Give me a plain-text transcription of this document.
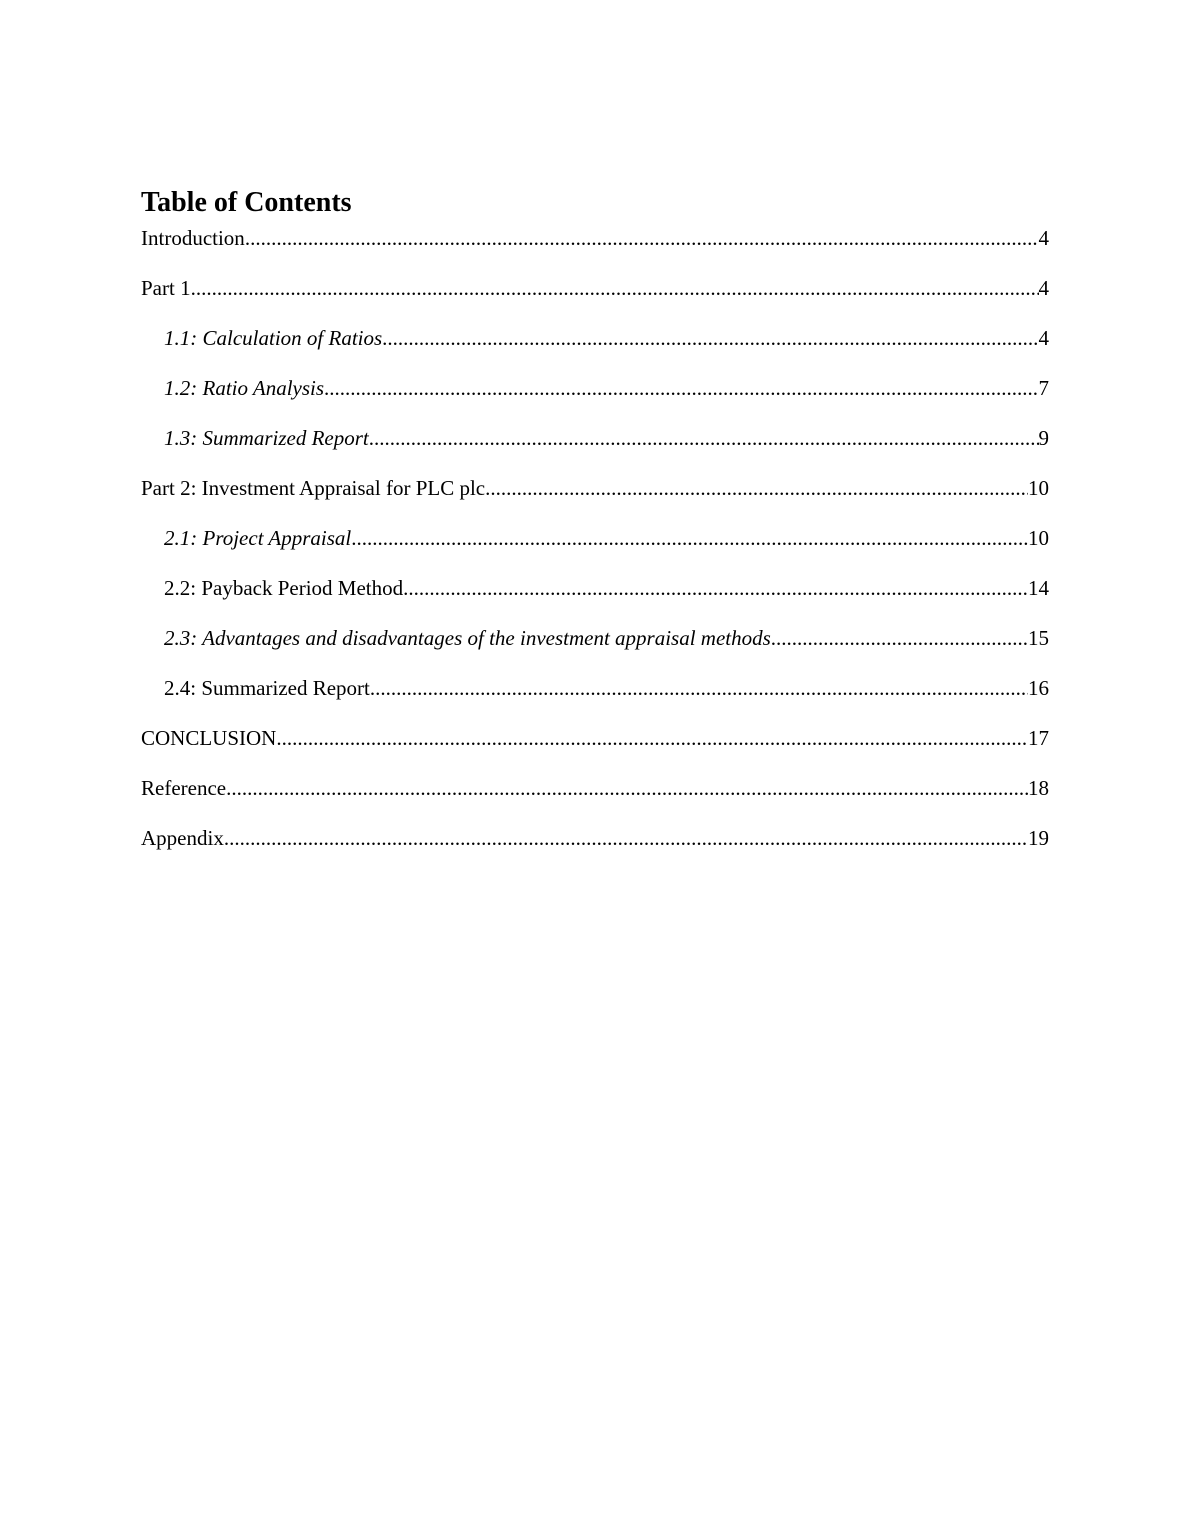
Table of Contents
Introduction .....	4
Part 1 .....	4
1.1: Calculation of Ratios .....	4
1.2: Ratio Analysis .....	7
1.3: Summarized Report .....	9
Part 2: Investment Appraisal for PLC plc .....	10
2.1: Project Appraisal .....	10
2.2: Payback Period Method .....	14
2.3: Advantages and disadvantages of the investment appraisal methods .....	15
2.4: Summarized Report .....	16
CONCLUSION .....	17
Reference .....	18
Appendix .....	19
